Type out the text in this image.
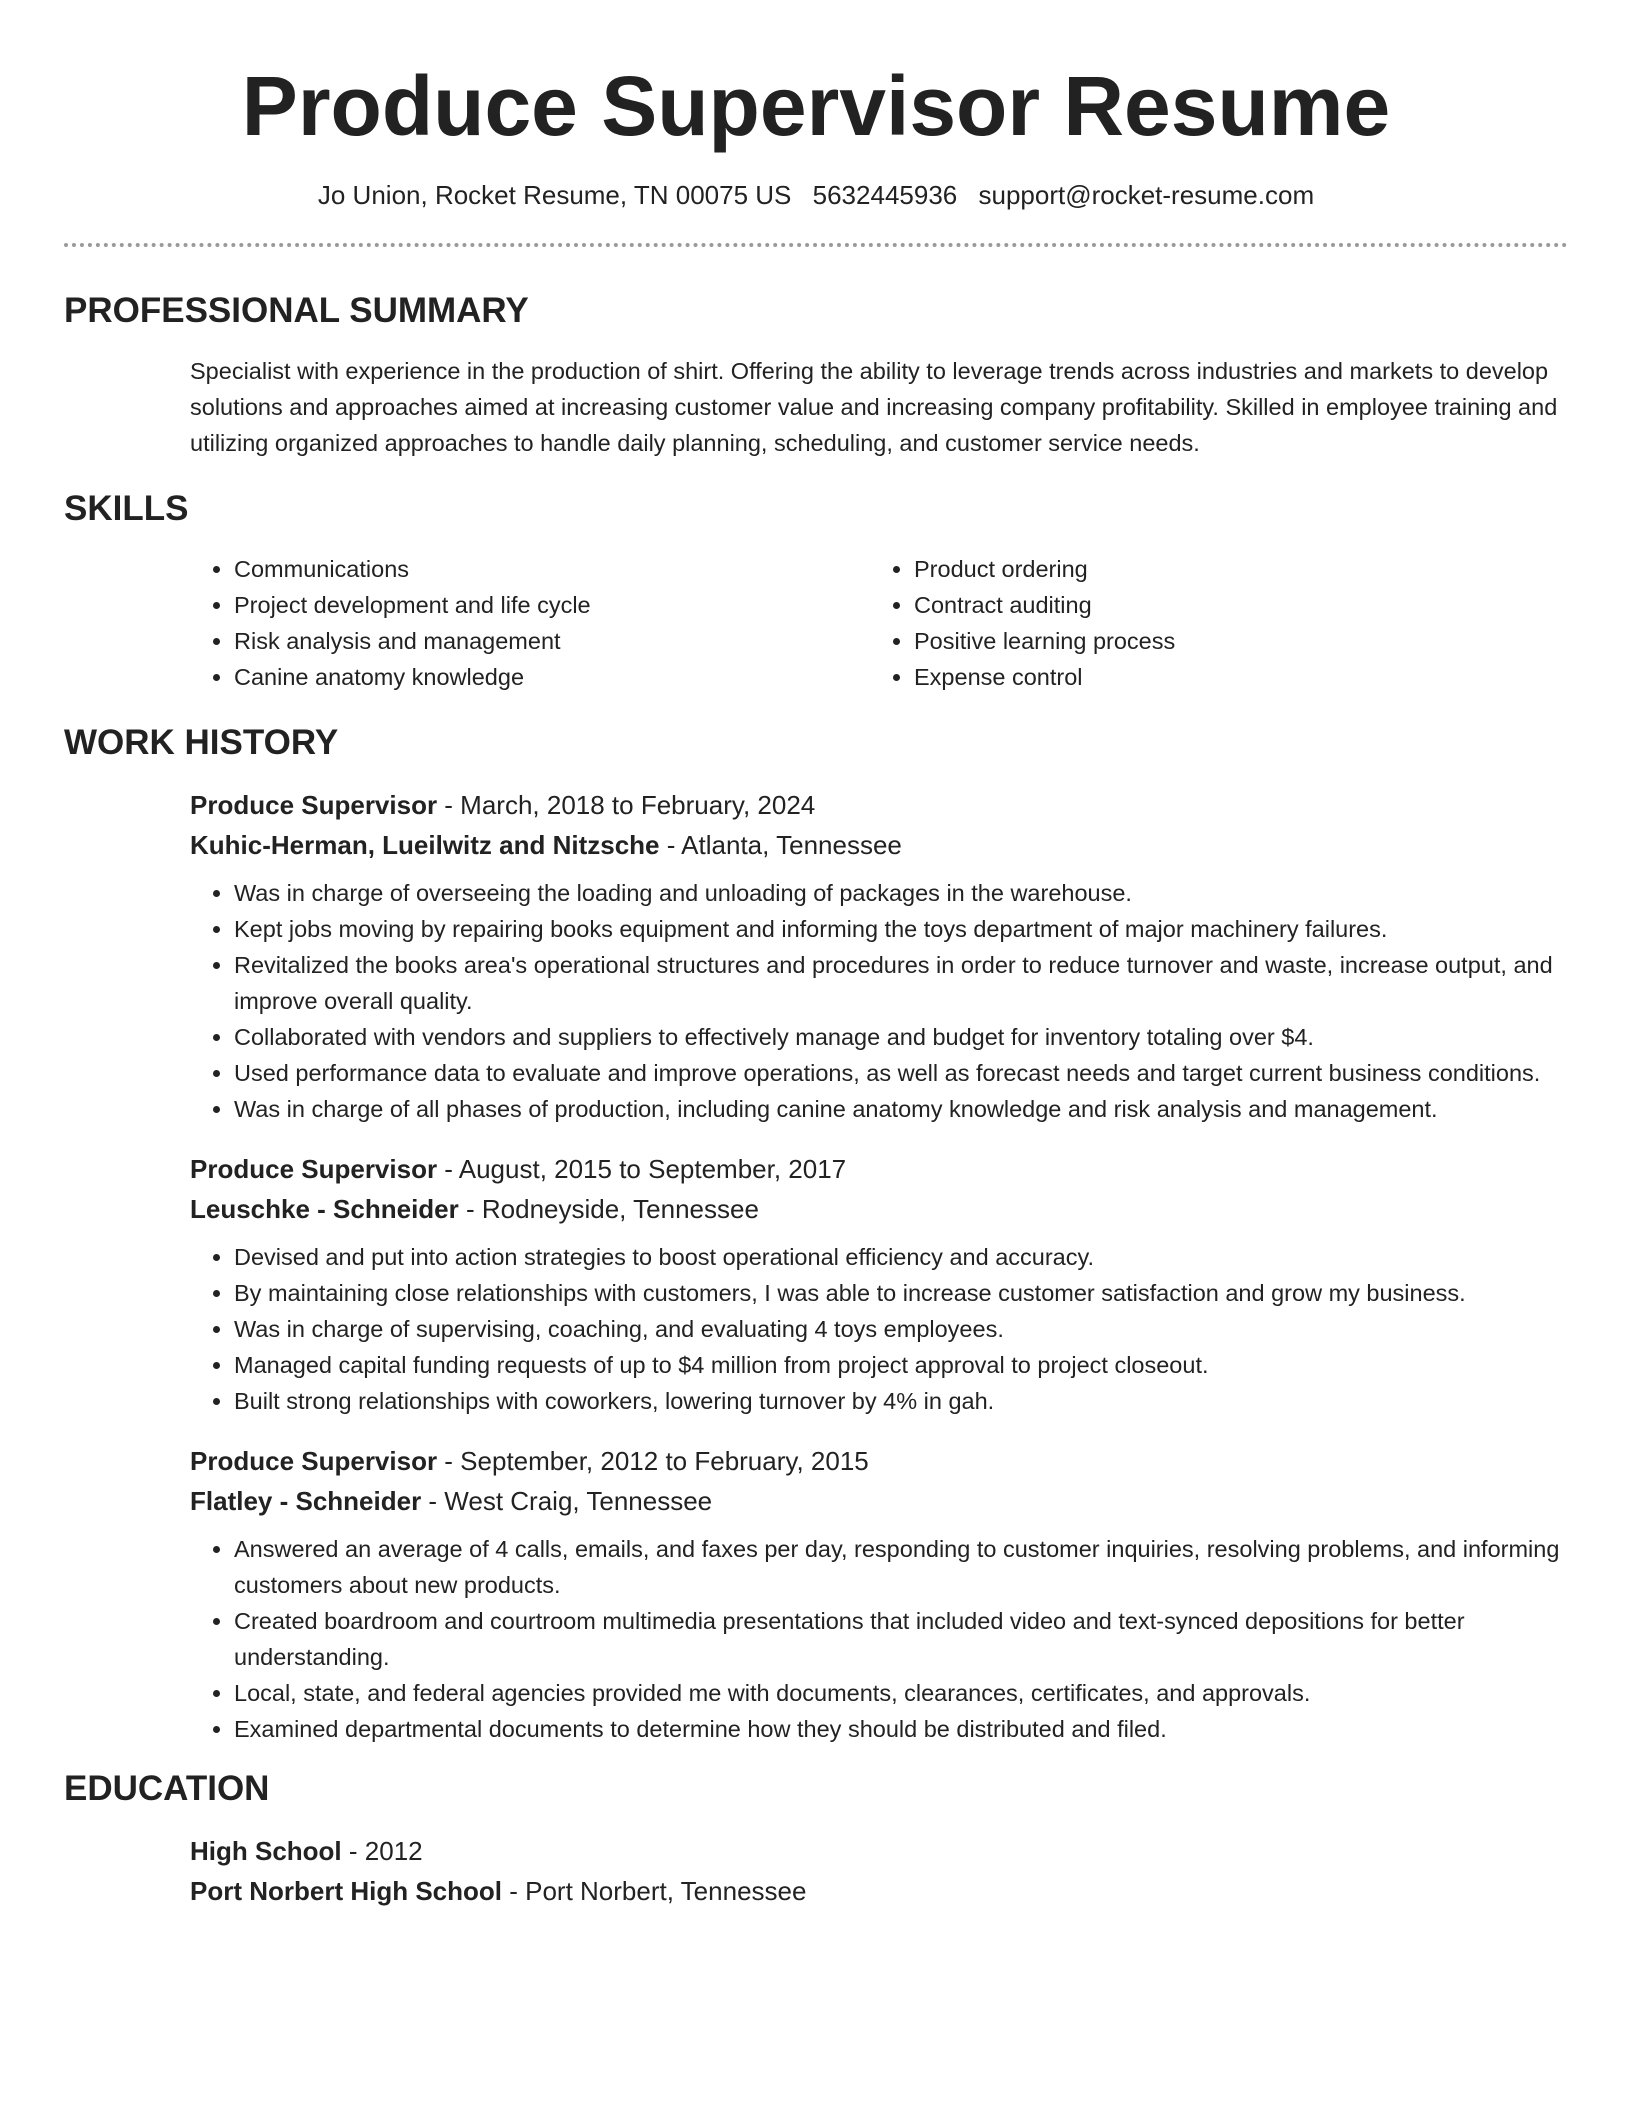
Produce Supervisor Resume
Jo Union, Rocket Resume, TN 00075 US 5632445936 support@rocket-resume.com
PROFESSIONAL SUMMARY
Specialist with experience in the production of shirt. Offering the ability to leverage trends across industries and markets to develop solutions and approaches aimed at increasing customer value and increasing company profitability. Skilled in employee training and utilizing organized approaches to handle daily planning, scheduling, and customer service needs.
SKILLS
• Communications
• Project development and life cycle
• Risk analysis and management
• Canine anatomy knowledge
• Product ordering
• Contract auditing
• Positive learning process
• Expense control
WORK HISTORY
Produce Supervisor - March, 2018 to February, 2024
Kuhic-Herman, Lueilwitz and Nitzsche - Atlanta, Tennessee
• Was in charge of overseeing the loading and unloading of packages in the warehouse.
• Kept jobs moving by repairing books equipment and informing the toys department of major machinery failures.
• Revitalized the books area's operational structures and procedures in order to reduce turnover and waste, increase output, and improve overall quality.
• Collaborated with vendors and suppliers to effectively manage and budget for inventory totaling over $4.
• Used performance data to evaluate and improve operations, as well as forecast needs and target current business conditions.
• Was in charge of all phases of production, including canine anatomy knowledge and risk analysis and management.
Produce Supervisor - August, 2015 to September, 2017
Leuschke - Schneider - Rodneyside, Tennessee
• Devised and put into action strategies to boost operational efficiency and accuracy.
• By maintaining close relationships with customers, I was able to increase customer satisfaction and grow my business.
• Was in charge of supervising, coaching, and evaluating 4 toys employees.
• Managed capital funding requests of up to $4 million from project approval to project closeout.
• Built strong relationships with coworkers, lowering turnover by 4% in gah.
Produce Supervisor - September, 2012 to February, 2015
Flatley - Schneider - West Craig, Tennessee
• Answered an average of 4 calls, emails, and faxes per day, responding to customer inquiries, resolving problems, and informing customers about new products.
• Created boardroom and courtroom multimedia presentations that included video and text-synced depositions for better understanding.
• Local, state, and federal agencies provided me with documents, clearances, certificates, and approvals.
• Examined departmental documents to determine how they should be distributed and filed.
EDUCATION
High School - 2012
Port Norbert High School - Port Norbert, Tennessee
